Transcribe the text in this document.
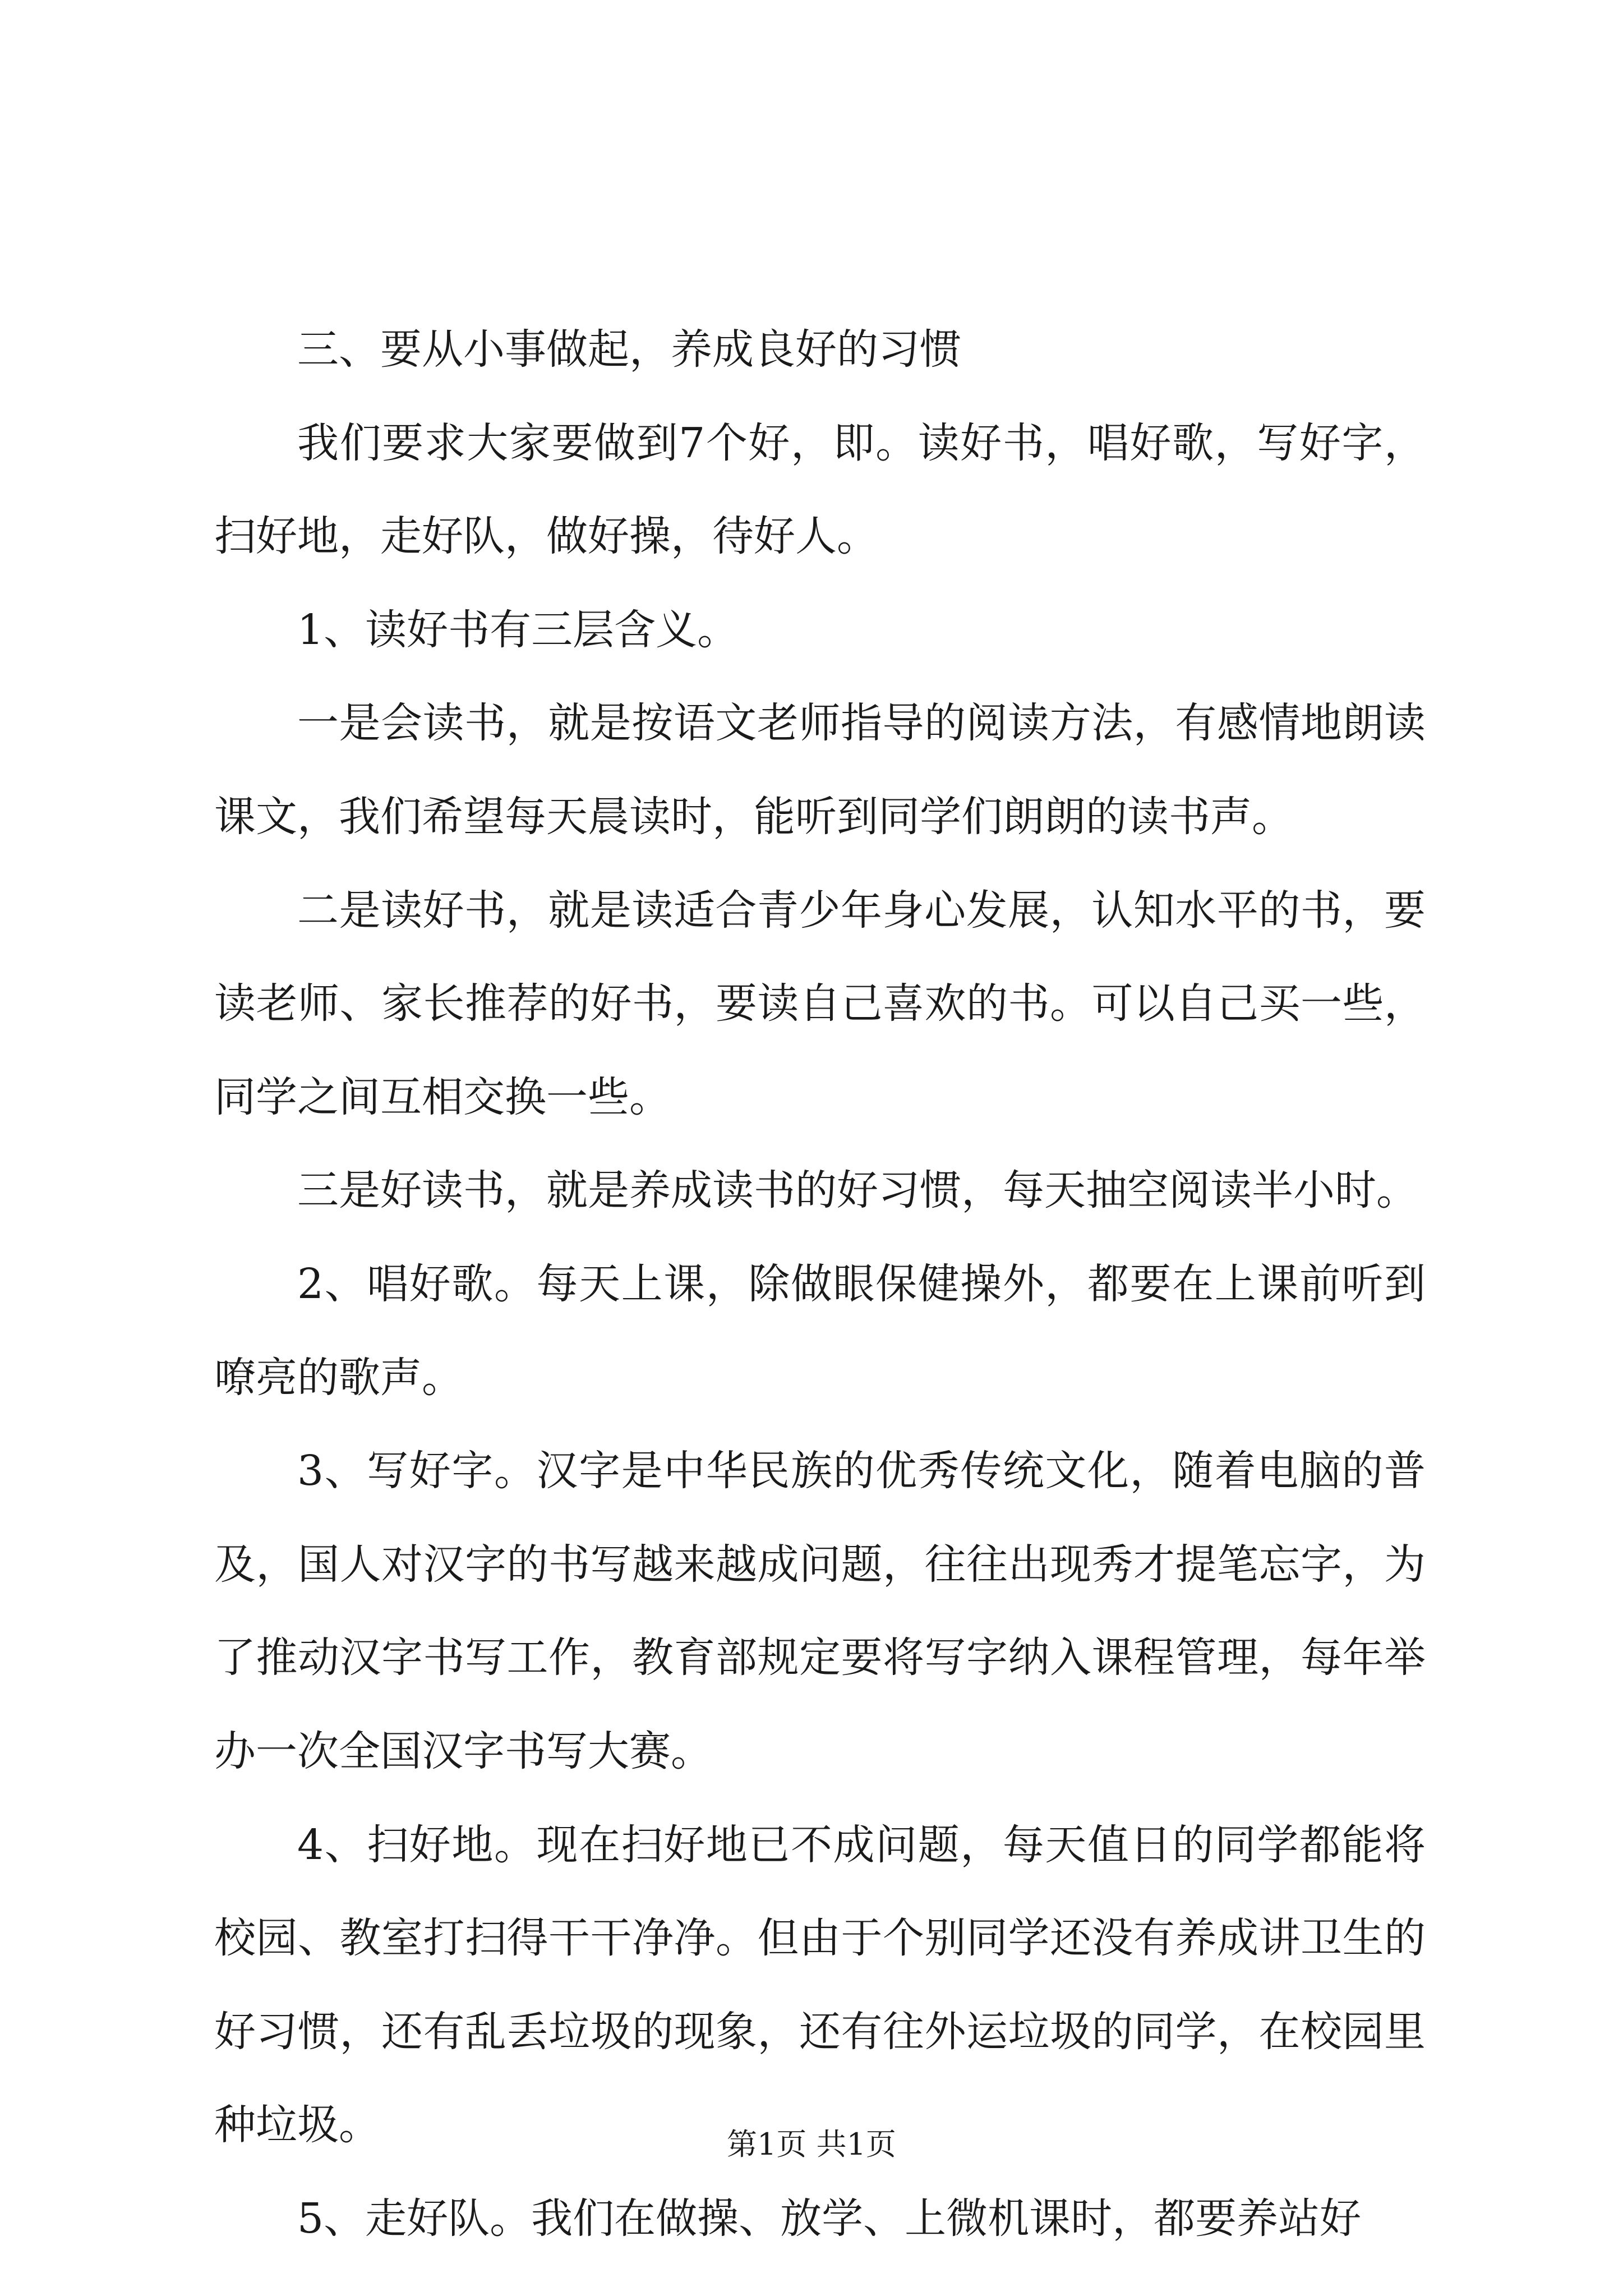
三、要从小事做起，养成良好的习惯

我们要求大家要做到7个好，即。读好书，唱好歌，写好字，扫好地，走好队，做好操，待好人。

1、读好书有三层含义。

一是会读书，就是按语文老师指导的阅读方法，有感情地朗读课文，我们希望每天晨读时，能听到同学们朗朗的读书声。

二是读好书，就是读适合青少年身心发展，认知水平的书，要读老师、家长推荐的好书，要读自己喜欢的书。可以自己买一些，同学之间互相交换一些。

三是好读书，就是养成读书的好习惯，每天抽空阅读半小时。

2、唱好歌。每天上课，除做眼保健操外，都要在上课前听到嘹亮的歌声。

3、写好字。汉字是中华民族的优秀传统文化，随着电脑的普及，国人对汉字的书写越来越成问题，往往出现秀才提笔忘字，为了推动汉字书写工作，教育部规定要将写字纳入课程管理，每年举办一次全国汉字书写大赛。

4、扫好地。现在扫好地已不成问题，每天值日的同学都能将校园、教室打扫得干干净净。但由于个别同学还没有养成讲卫生的好习惯，还有乱丢垃圾的现象，还有往外运垃圾的同学，在校园里种垃圾。

5、走好队。我们在做操、放学、上微机课时，都要养站好

第1页 共1页
